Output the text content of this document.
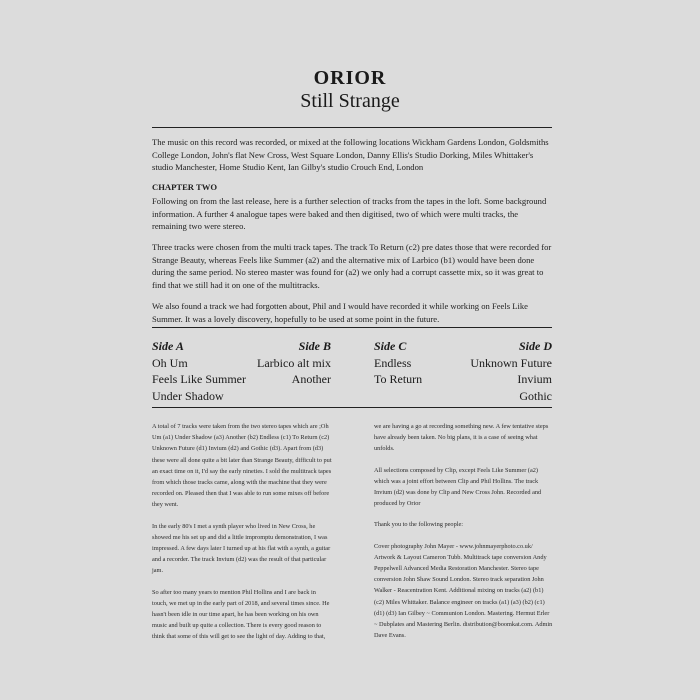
ORIOR
Still Strange

The music on this record was recorded, or mixed at the following locations Wickham Gardens London, Goldsmiths College London, John's flat New Cross, West Square London, Danny Ellis's Studio Dorking, Miles Whittaker's studio Manchester, Home Studio Kent, Ian Gilby's studio Crouch End, London

CHAPTER TWO

Following on from the last release, here is a further selection of tracks from the tapes in the loft. Some background information. A further 4 analogue tapes were baked and then digitised, two of which were multi tracks, the remaining two were stereo.

Three tracks were chosen from the multi track tapes. The track To Return (c2) pre dates those that were recorded for Strange Beauty, whereas Feels like Summer (a2) and the alternative mix of Larbico (b1) would have been done during the same period. No stereo master was found for (a2) we only had a corrupt cassette mix, so it was great to find that we still had it on one of the multitracks.

We also found a track we had forgotten about, Phil and I would have recorded it while working on Feels Like Summer. It was a lovely discovery, hopefully to be used at some point in the future.

Side A
Oh Um
Feels Like Summer
Under Shadow
Side B
Larbico alt mix
Another
Side C
Endless
To Return
Side D
Unknown Future
Invium
Gothic

A total of 7 tracks were taken from the two stereo tapes which are ;Oh Um (a1) Under Shadow (a3) Another (b2) Endless (c1) To Return (c2) Unknown Future (d1) Invium (d2) and Gothic (d3). Apart from (d3) these were all done quite a bit later than Strange Beauty, difficult to put an exact time on it, I'd say the early nineties. I sold the multitrack tapes from which those tracks came, along with the machine that they were recorded on. Pleased then that I was able to run some mixes off before they went.

In the early 80's I met a synth player who lived in New Cross, he showed me his set up and did a little impromptu demonstration, I was impressed. A few days later I turned up at his flat with a synth, a guitar and a recorder. The track Invium (d2) was the result of that particular jam.

So after too many years to mention Phil Hollins and I are back in touch, we met up in the early part of 2018, and several times since. He hasn't been idle in our time apart, he has been working on his own music and built up quite a collection. There is every good reason to think that some of this will get to see the light of day. Adding to that,

we are having a go at recording something new. A few tentative steps have already been taken. No big plans, it is a case of seeing what unfolds.

All selections composed by Clip, except Feels Like Summer (a2) which was a joint effort between Clip and Phil Hollins. The track Invium (d2) was done by Clip and New Cross John. Recorded and produced by Orior

Thank you to the following people:

Cover photography John Mayer - www.johnmayerphoto.co.uk/ Artwork & Layout Cameron Tubb. Multitrack tape conversion Andy Peppelwell Advanced Media Restoration Manchester. Stereo tape conversion John Shaw Sound London. Stereo track separation John Walker - Reacentration Kent. Additional mixing on tracks (a2) (b1) (c2) Miles Whittaker. Balance engineer on tracks (a1) (a3) (b2) (c1) (d1) (d3) Ian Gilbey ~ Communion London. Mastering. Hermut Erler ~ Dubplates and Mastering Berlin. distribution@boomkat.com. Admin Dave Evans.
